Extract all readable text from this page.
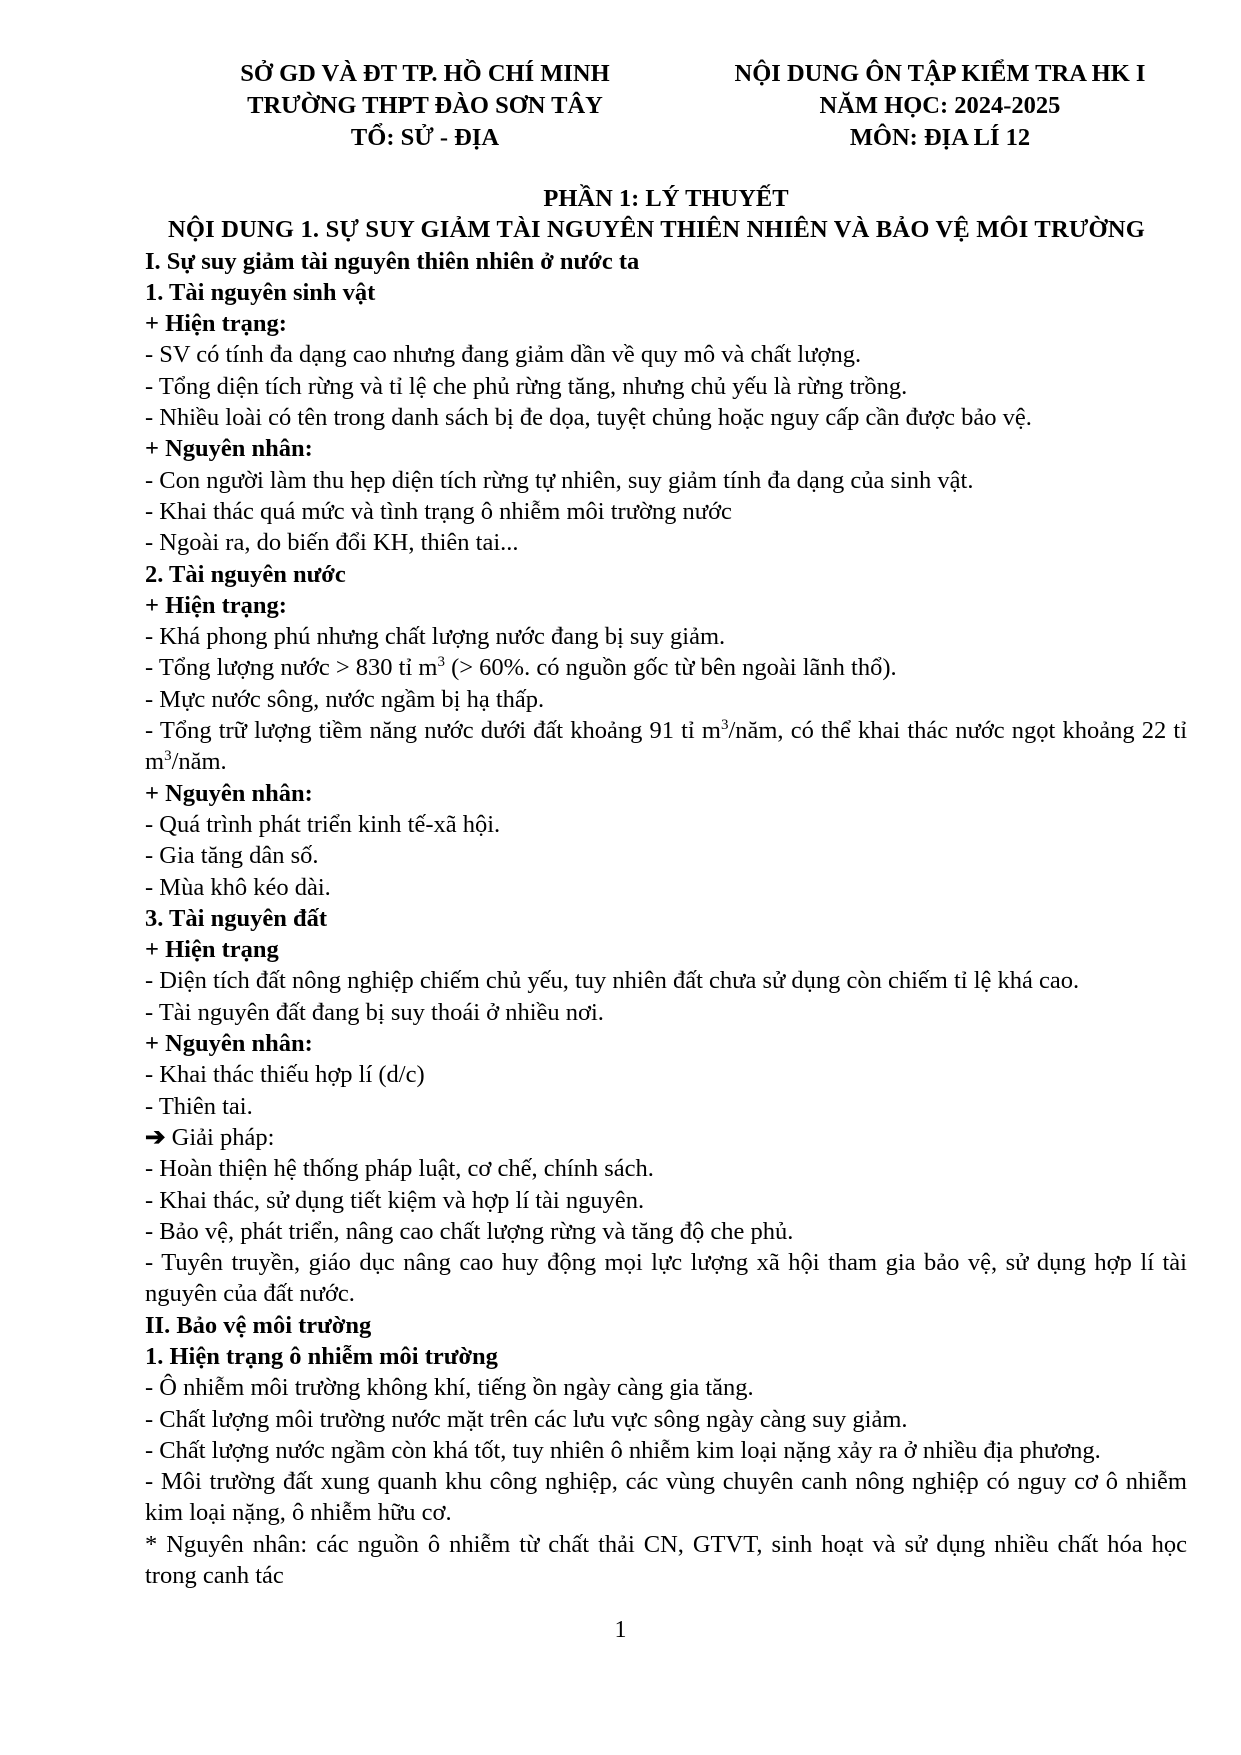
SỞ GD VÀ ĐT TP. HỒ CHÍ MINH
TRƯỜNG THPT ĐÀO SƠN TÂY
TỔ: SỬ - ĐỊA
NỘI DUNG ÔN TẬP KIỂM TRA HK I
NĂM HỌC: 2024-2025
MÔN: ĐỊA LÍ 12

PHẦN 1: LÝ THUYẾT

NỘI DUNG 1. SỰ SUY GIẢM TÀI NGUYÊN THIÊN NHIÊN VÀ BẢO VỆ MÔI TRƯỜNG

I. Sự suy giảm tài nguyên thiên nhiên ở nước ta

1. Tài nguyên sinh vật

+ Hiện trạng:

- SV có tính đa dạng cao nhưng đang giảm dần về quy mô và chất lượng.

- Tổng diện tích rừng và tỉ lệ che phủ rừng tăng, nhưng chủ yếu là rừng trồng.

- Nhiều loài có tên trong danh sách bị đe dọa, tuyệt chủng hoặc nguy cấp cần được bảo vệ.

+ Nguyên nhân:

- Con người làm thu hẹp diện tích rừng tự nhiên, suy giảm tính đa dạng của sinh vật.

- Khai thác quá mức và tình trạng ô nhiễm môi trường nước

- Ngoài ra, do biến đổi KH, thiên tai...

2. Tài nguyên nước

+ Hiện trạng:

- Khá phong phú nhưng chất lượng nước đang bị suy giảm.

- Tổng lượng nước > 830 tỉ $m^3$ (> 60%. có nguồn gốc từ bên ngoài lãnh thổ).

- Mực nước sông, nước ngầm bị hạ thấp.

- Tổng trữ lượng tiềm năng nước dưới đất khoảng 91 tỉ $m^3$/năm, có thể khai thác nước ngọt khoảng 22 tỉ $m^3$/năm.

+ Nguyên nhân:

- Quá trình phát triển kinh tế-xã hội.

- Gia tăng dân số.

- Mùa khô kéo dài.

3. Tài nguyên đất

+ Hiện trạng

- Diện tích đất nông nghiệp chiếm chủ yếu, tuy nhiên đất chưa sử dụng còn chiếm tỉ lệ khá cao.

- Tài nguyên đất đang bị suy thoái ở nhiều nơi.

+ Nguyên nhân:

- Khai thác thiếu hợp lí (d/c)

- Thiên tai.

➔ Giải pháp:

- Hoàn thiện hệ thống pháp luật, cơ chế, chính sách.

- Khai thác, sử dụng tiết kiệm và hợp lí tài nguyên.

- Bảo vệ, phát triển, nâng cao chất lượng rừng và tăng độ che phủ.

- Tuyên truyền, giáo dục nâng cao huy động mọi lực lượng xã hội tham gia bảo vệ, sử dụng hợp lí tài nguyên của đất nước.

II. Bảo vệ môi trường

1. Hiện trạng ô nhiễm môi trường

- Ô nhiễm môi trường không khí, tiếng ồn ngày càng gia tăng.

- Chất lượng môi trường nước mặt trên các lưu vực sông ngày càng suy giảm.

- Chất lượng nước ngầm còn khá tốt, tuy nhiên ô nhiễm kim loại nặng xảy ra ở nhiều địa phương.

- Môi trường đất xung quanh khu công nghiệp, các vùng chuyên canh nông nghiệp có nguy cơ ô nhiễm kim loại nặng, ô nhiễm hữu cơ.

* Nguyên nhân: các nguồn ô nhiễm từ chất thải CN, GTVT, sinh hoạt và sử dụng nhiều chất hóa học trong canh tác

1
